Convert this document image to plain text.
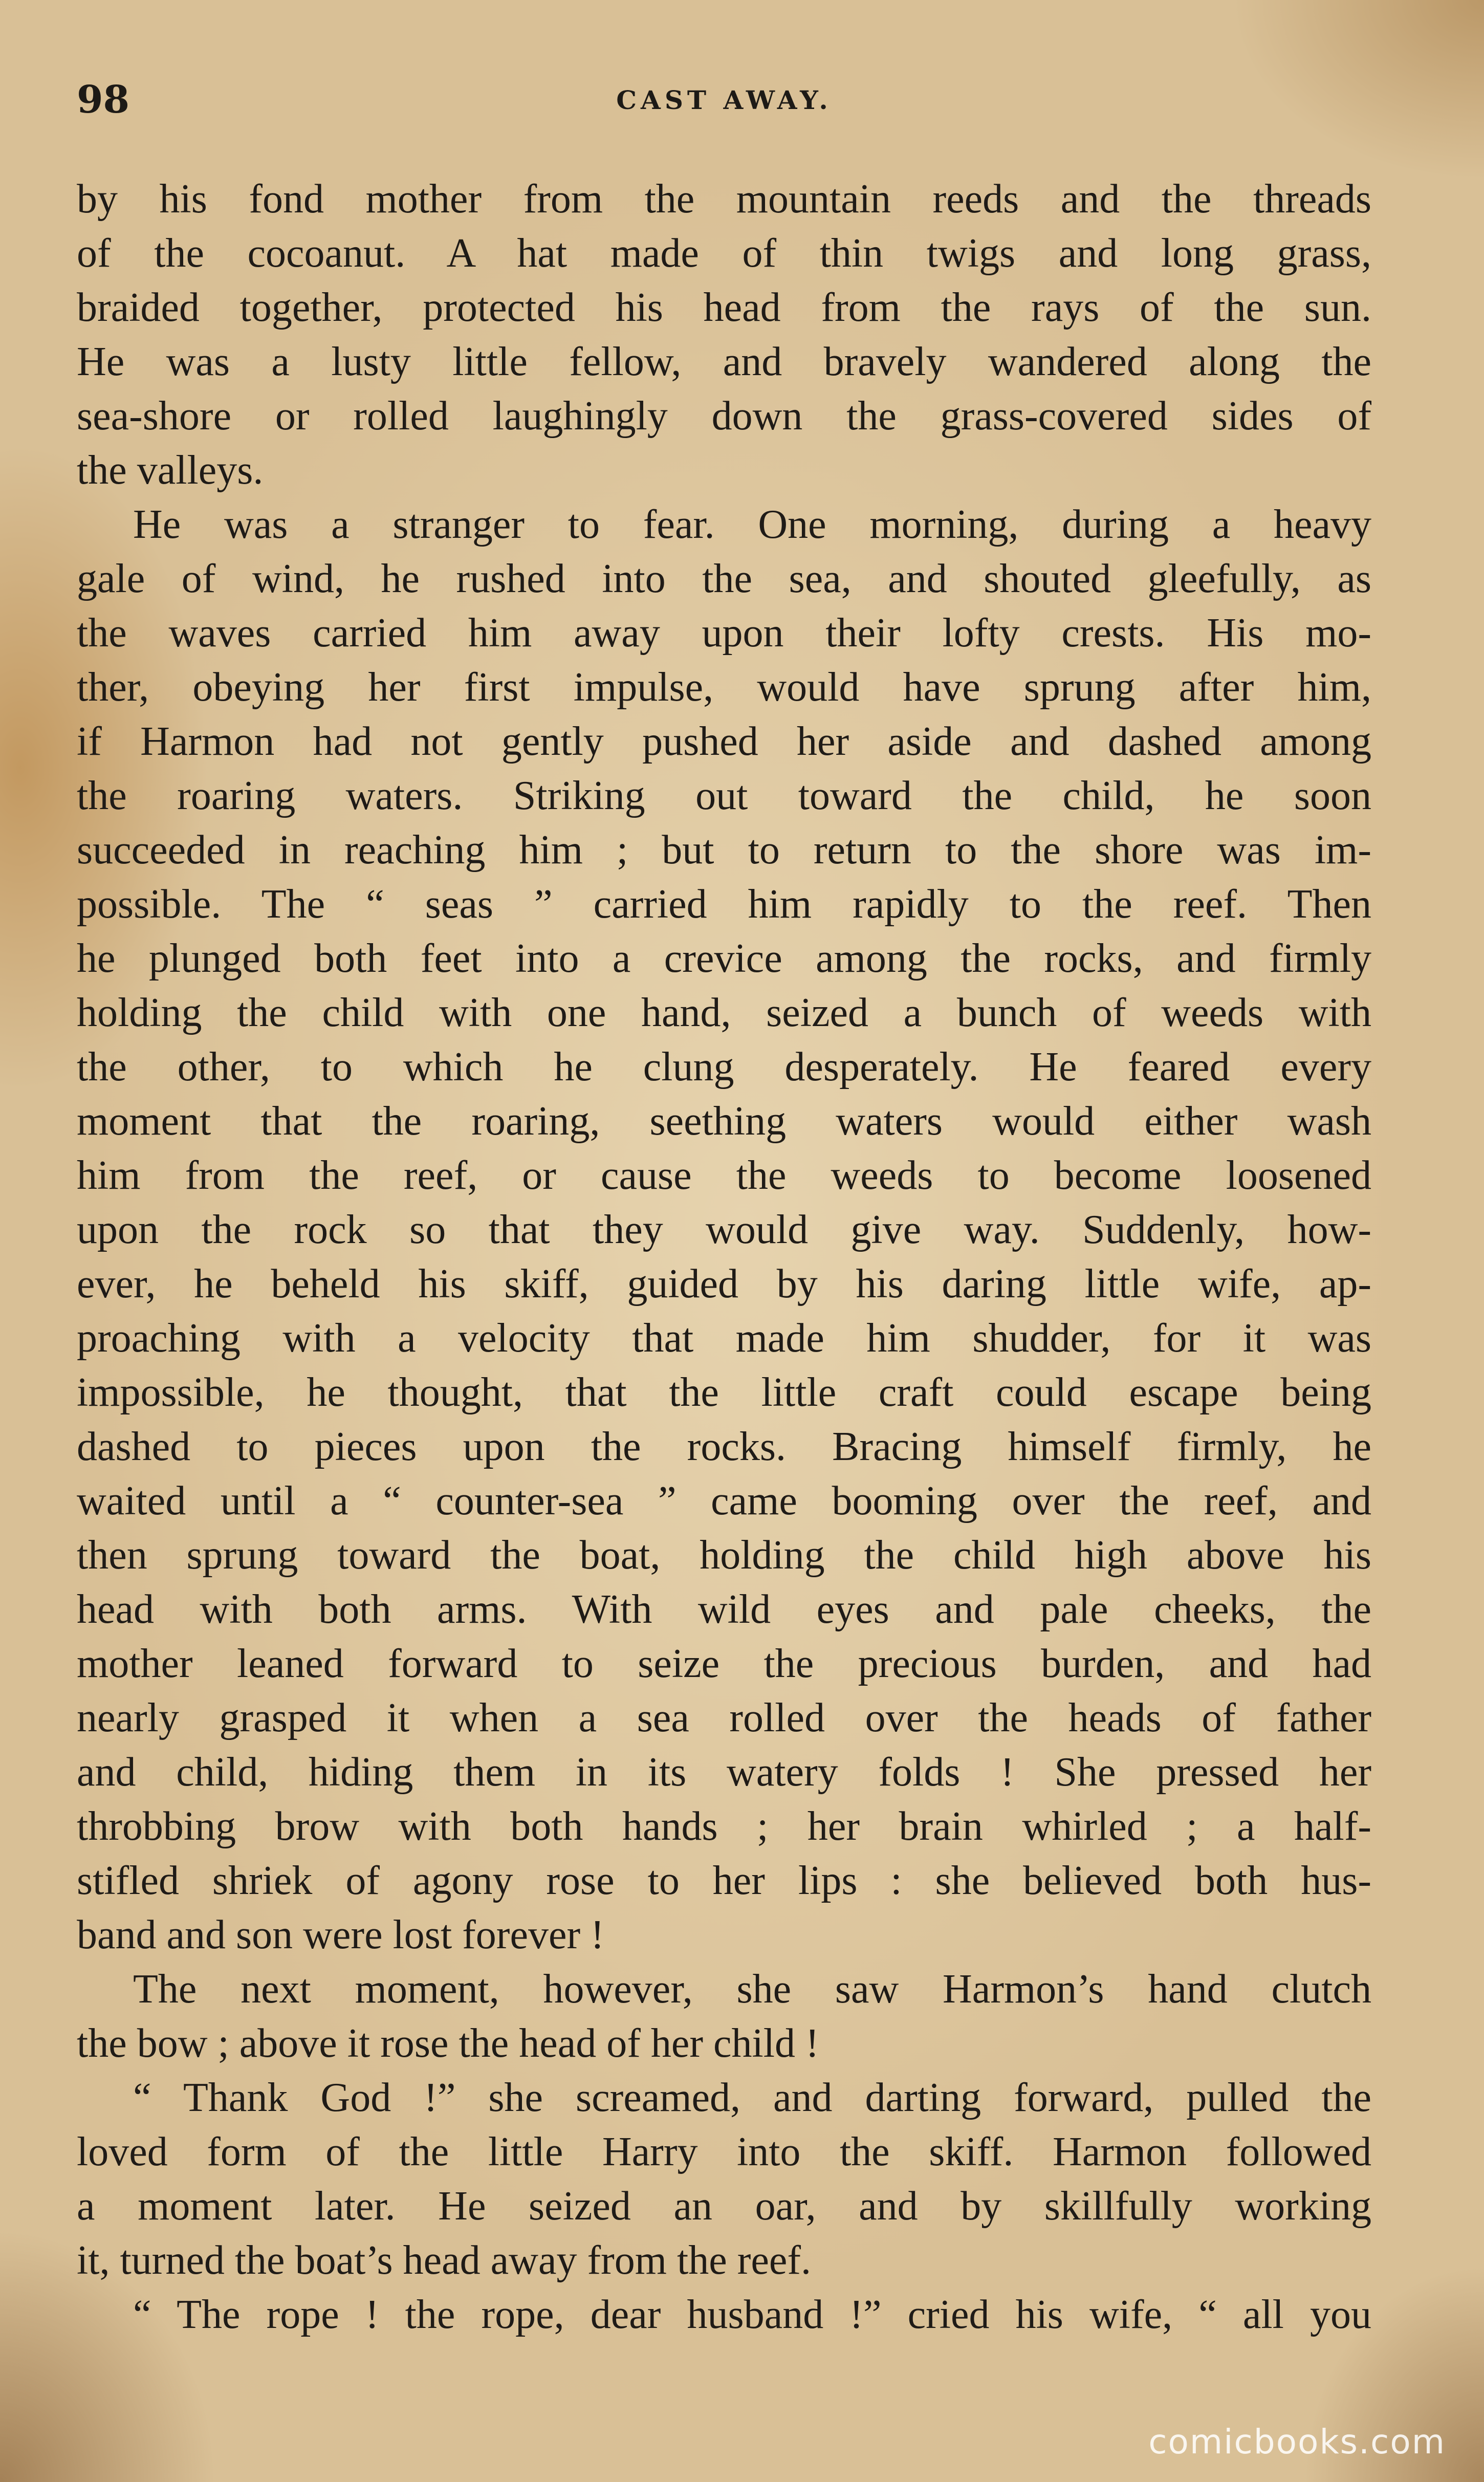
98	CAST AWAY.
by his fond mother from the mountain reeds and the threads
of the cocoanut. A hat made of thin twigs and long grass,
braided together, protected his head from the rays of the sun.
He was a lusty little fellow, and bravely wandered along the
sea-shore or rolled laughingly down the grass-covered sides of
the valleys.
He was a stranger to fear. One morning, during a heavy
gale of wind, he rushed into the sea, and shouted gleefully, as
the waves carried him away upon their lofty crests. His mo-
ther, obeying her first impulse, would have sprung after him,
if Harmon had not gently pushed her aside and dashed among
the roaring waters. Striking out toward the child, he soon
succeeded in reaching him ; but to return to the shore was im-
possible. The “ seas ” carried him rapidly to the reef. Then
he plunged both feet into a crevice among the rocks, and firmly
holding the child with one hand, seized a bunch of weeds with
the other, to which he clung desperately. He feared every
moment that the roaring, seething waters would either wash
him from the reef, or cause the weeds to become loosened
upon the rock so that they would give way. Suddenly, how-
ever, he beheld his skiff, guided by his daring little wife, ap-
proaching with a velocity that made him shudder, for it was
impossible, he thought, that the little craft could escape being
dashed to pieces upon the rocks. Bracing himself firmly, he
waited until a “ counter-sea ” came booming over the reef, and
then sprung toward the boat, holding the child high above his
head with both arms. With wild eyes and pale cheeks, the
mother leaned forward to seize the precious burden, and had
nearly grasped it when a sea rolled over the heads of father
and child, hiding them in its watery folds ! She pressed her
throbbing brow with both hands ; her brain whirled ; a half-
stifled shriek of agony rose to her lips : she believed both hus-
band and son were lost forever !
The next moment, however, she saw Harmon’s hand clutch
the bow ; above it rose the head of her child !
“ Thank God !” she screamed, and darting forward, pulled the
loved form of the little Harry into the skiff. Harmon followed
a moment later. He seized an oar, and by skillfully working
it, turned the boat’s head away from the reef.
“ The rope ! the rope, dear husband !” cried his wife, “ all you
comicbooks.com
